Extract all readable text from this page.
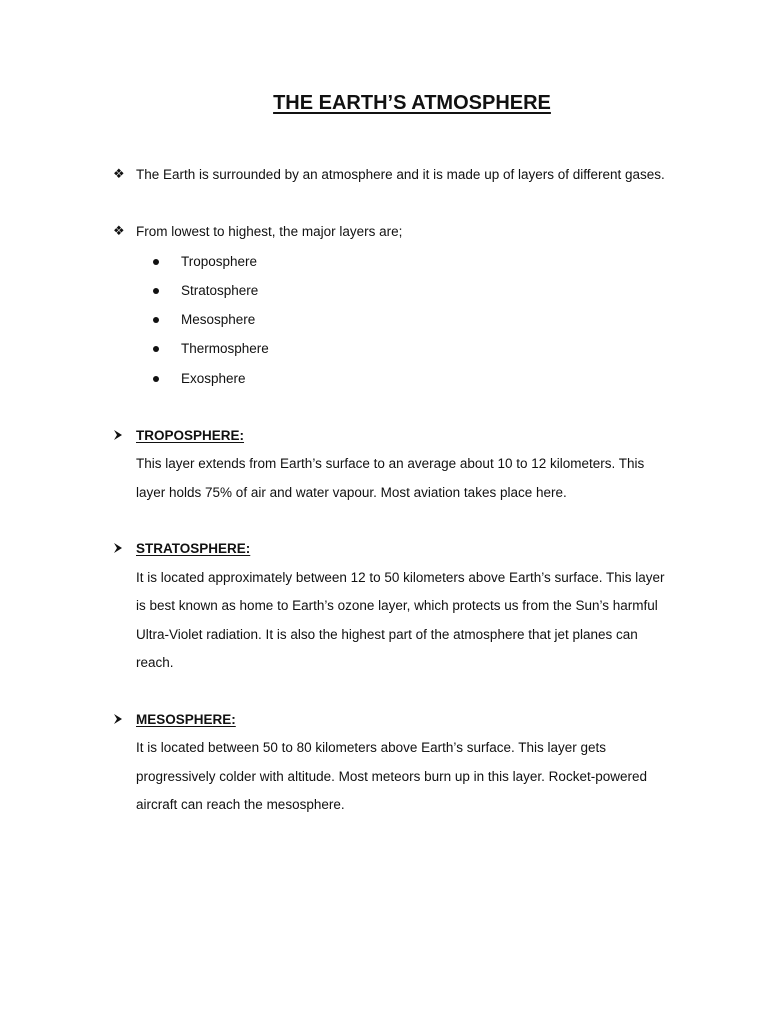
THE EARTH’S ATMOSPHERE
❖ The Earth is surrounded by an atmosphere and it is made up of layers of different gases.
❖ From lowest to highest, the major layers are;
Troposphere
Stratosphere
Mesosphere
Thermosphere
Exosphere
TROPOSPHERE:
This layer extends from Earth’s surface to an average about 10 to 12 kilometers. This
layer holds 75% of air and water vapour. Most aviation takes place here.
STRATOSPHERE:
It is located approximately between 12 to 50 kilometers above Earth’s surface. This layer
is best known as home to Earth’s ozone layer, which protects us from the Sun’s harmful
Ultra-Violet radiation. It is also the highest part of the atmosphere that jet planes can
reach.
MESOSPHERE:
It is located between 50 to 80 kilometers above Earth’s surface. This layer gets
progressively colder with altitude. Most meteors burn up in this layer. Rocket-powered
aircraft can reach the mesosphere.
